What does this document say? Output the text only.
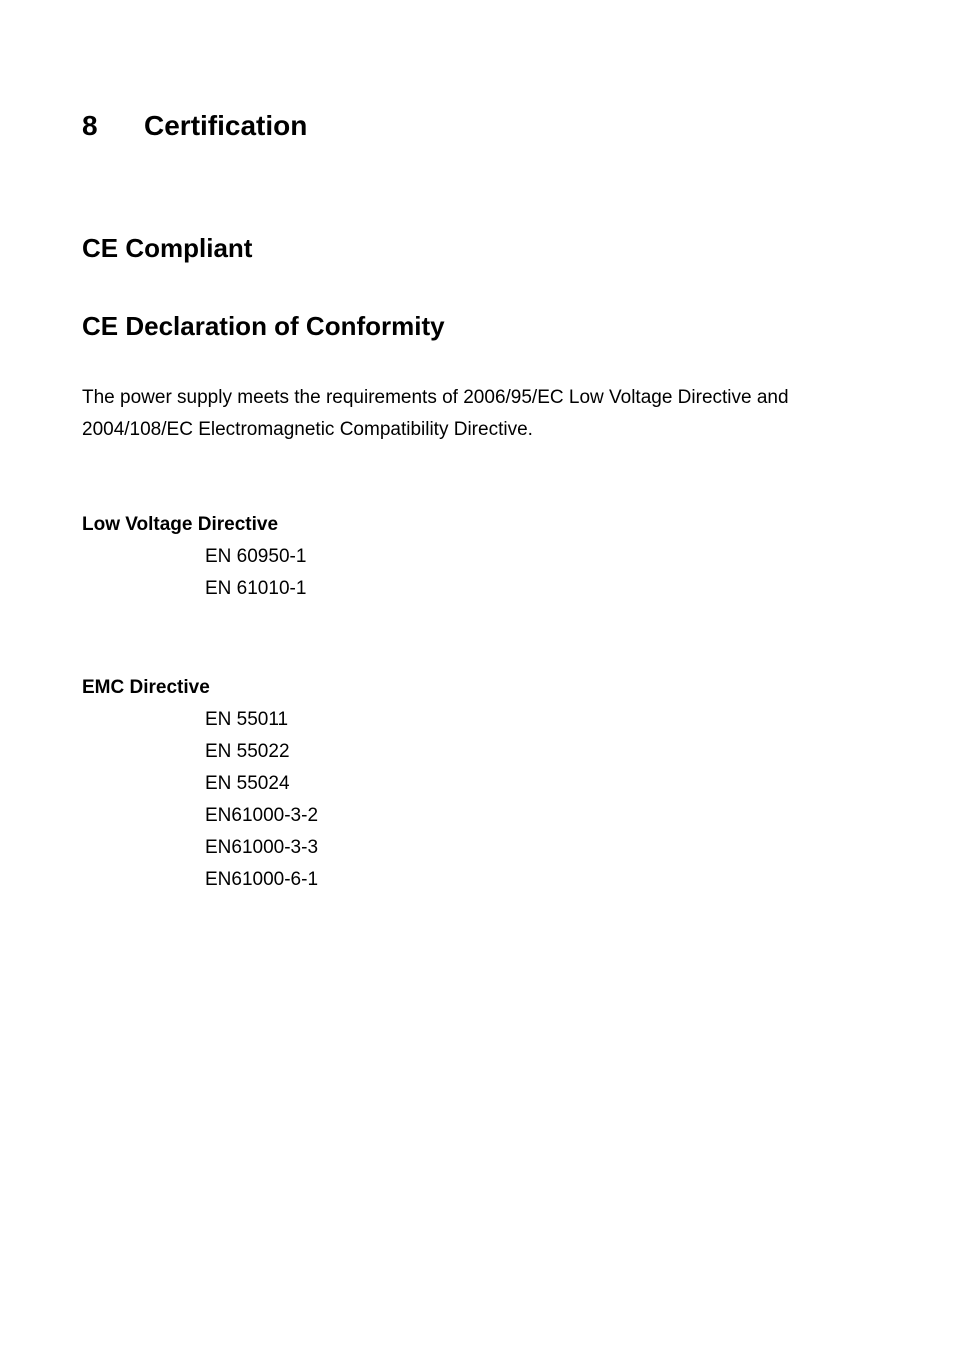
8 Certification
CE Compliant
CE Declaration of Conformity
The power supply meets the requirements of 2006/95/EC Low Voltage Directive and
2004/108/EC Electromagnetic Compatibility Directive.
Low Voltage Directive
EN 60950-1
EN 61010-1
EMC Directive
EN 55011
EN 55022
EN 55024
EN61000-3-2
EN61000-3-3
EN61000-6-1
